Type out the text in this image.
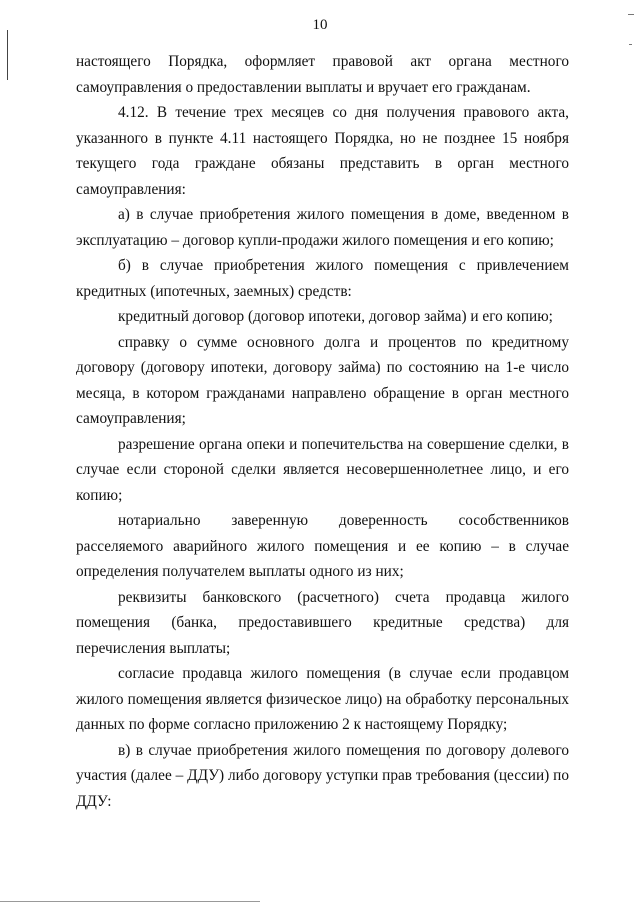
10

настоящего Порядка, оформляет правовой акт органа местного самоуправления о предоставлении выплаты и вручает его гражданам.

4.12. В течение трех месяцев со дня получения правового акта, указанного в пункте 4.11 настоящего Порядка, но не позднее 15 ноября текущего года граждане обязаны представить в орган местного самоуправления:

а) в случае приобретения жилого помещения в доме, введенном в эксплуатацию – договор купли-продажи жилого помещения и его копию;

б) в случае приобретения жилого помещения с привлечением кредитных (ипотечных, заемных) средств:

кредитный договор (договор ипотеки, договор займа) и его копию;

справку о сумме основного долга и процентов по кредитному договору (договору ипотеки, договору займа) по состоянию на 1-е число месяца, в котором гражданами направлено обращение в орган местного самоуправления;

разрешение органа опеки и попечительства на совершение сделки, в случае если стороной сделки является несовершеннолетнее лицо, и его копию;

нотариально заверенную доверенность сособственников расселяемого аварийного жилого помещения и ее копию – в случае определения получателем выплаты одного из них;

реквизиты банковского (расчетного) счета продавца жилого помещения (банка, предоставившего кредитные средства) для перечисления выплаты;

согласие продавца жилого помещения (в случае если продавцом жилого помещения является физическое лицо) на обработку персональных данных по форме согласно приложению 2 к настоящему Порядку;

в) в случае приобретения жилого помещения по договору долевого участия (далее – ДДУ) либо договору уступки прав требования (цессии) по ДДУ:
